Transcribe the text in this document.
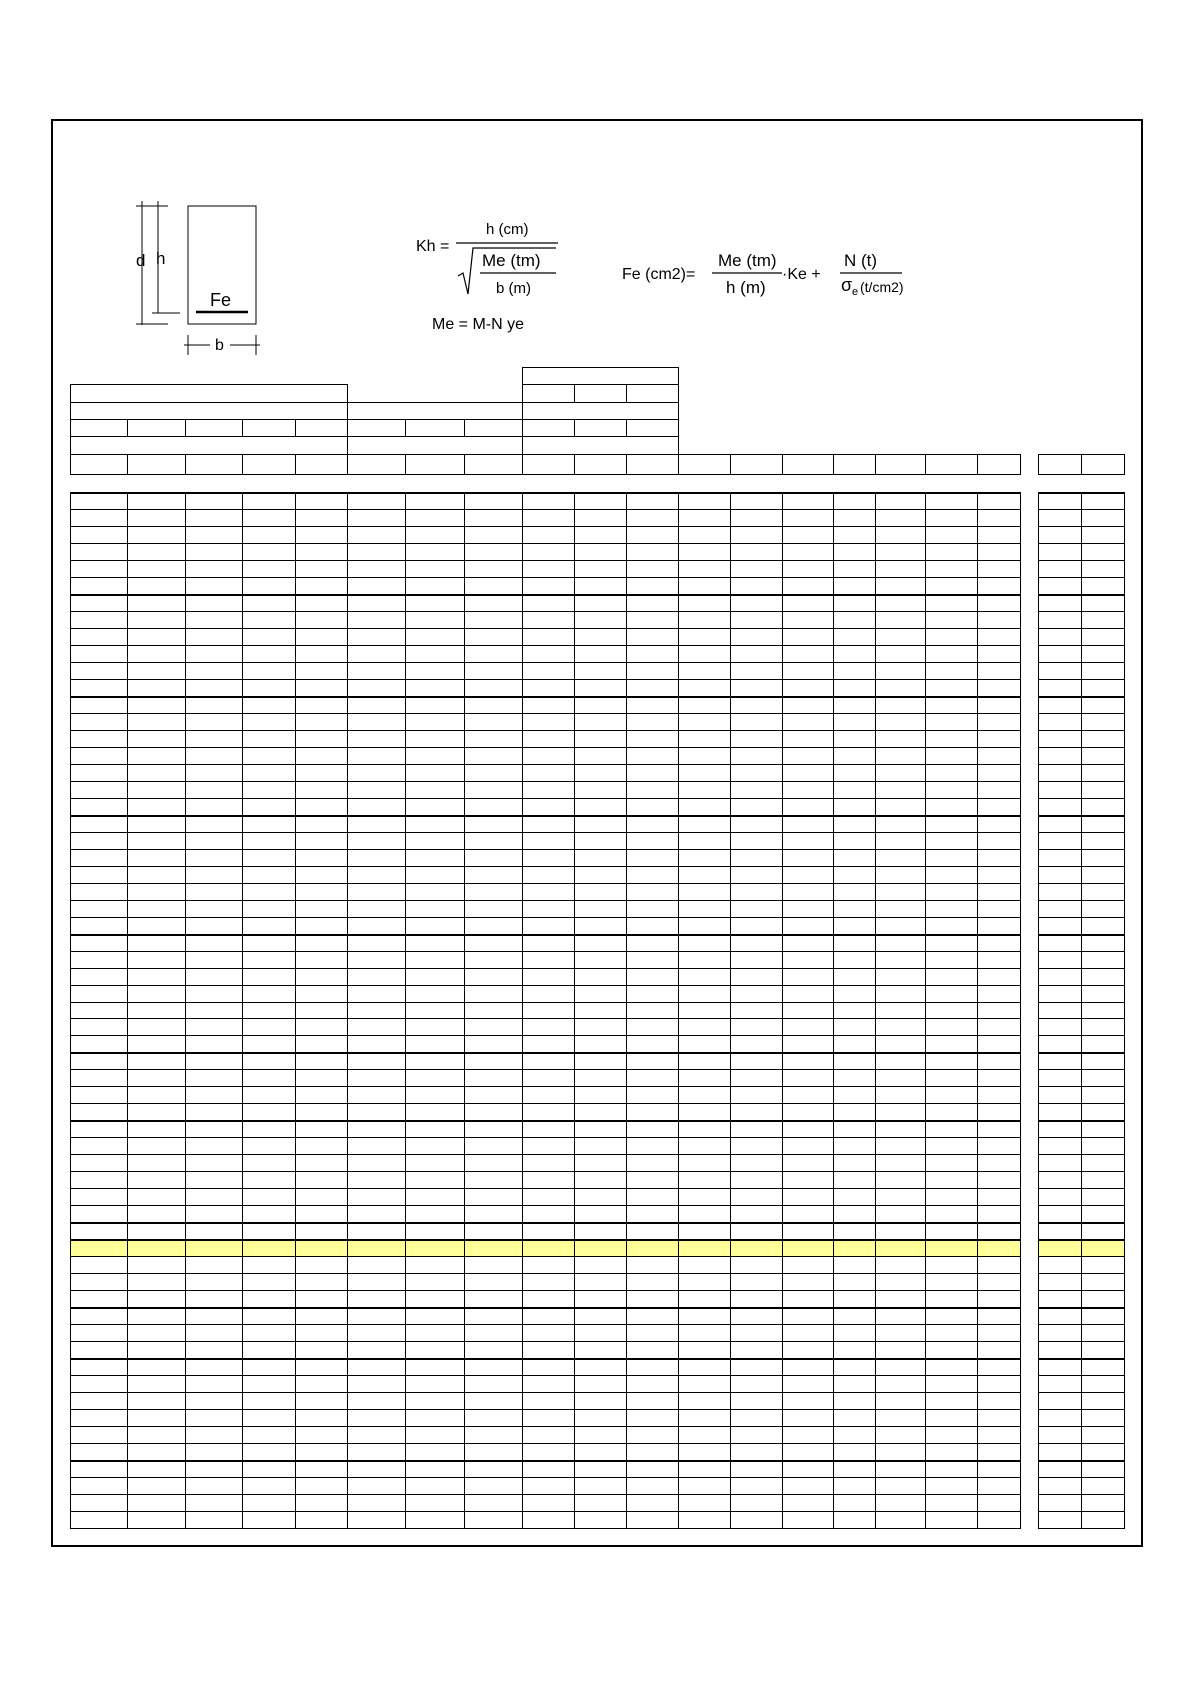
d h
Fe
b
Kh =
h (cm)
Me (tm)
b (m)
Me = M-N ye
Fe (cm2)=
Me (tm)
h (m)
·Ke +
N (t)
σ e (t/cm2)
